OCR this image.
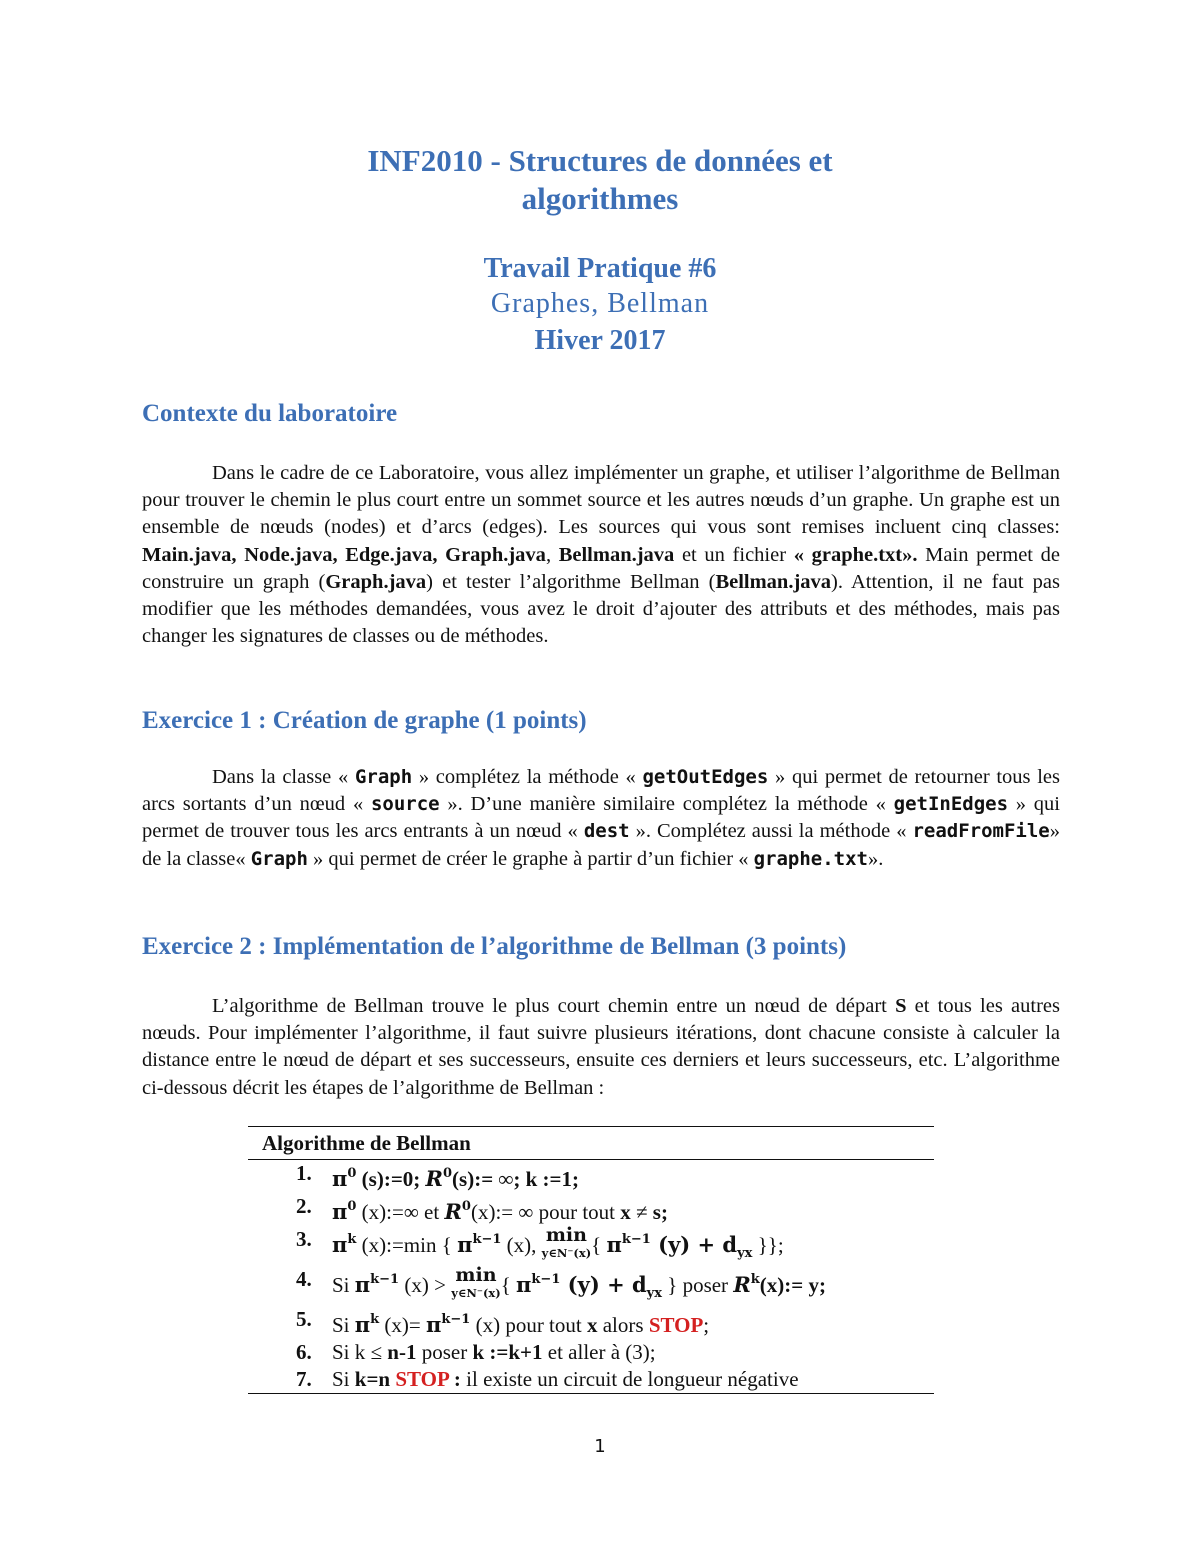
INF2010 - Structures de données et
algorithmes
Travail Pratique #6
Graphes, Bellman
Hiver 2017
Contexte du laboratoire

Dans le cadre de ce Laboratoire, vous allez implémenter un graphe, et utiliser l’algorithme de Bellman pour trouver le chemin le plus court entre un sommet source et les autres nœuds d’un graphe. Un graphe est un ensemble de nœuds (nodes) et d’arcs (edges). Les sources qui vous sont remises incluent cinq classes: Main.java, Node.java, Edge.java, Graph.java, Bellman.java et un fichier « graphe.txt». Main permet de construire un graph (Graph.java) et tester l’algorithme Bellman (Bellman.java). Attention, il ne faut pas modifier que les méthodes demandées, vous avez le droit d’ajouter des attributs et des méthodes, mais pas changer les signatures de classes ou de méthodes.

Exercice 1 : Création de graphe (1 points)

Dans la classe « Graph » complétez la méthode « getOutEdges » qui permet de retourner tous les arcs sortants d’un nœud « source ». D’une manière similaire complétez la méthode « getInEdges » qui permet de trouver tous les arcs entrants à un nœud « dest ». Complétez aussi la méthode « readFromFile» de la classe« Graph » qui permet de créer le graphe à partir d’un fichier « graphe.txt».

Exercice 2 : Implémentation de l’algorithme de Bellman (3 points)

L’algorithme de Bellman trouve le plus court chemin entre un nœud de départ S et tous les autres nœuds. Pour implémenter l’algorithme, il faut suivre plusieurs itérations, dont chacune consiste à calculer la distance entre le nœud de départ et ses successeurs, ensuite ces derniers et leurs successeurs, etc. L’algorithme ci-dessous décrit les étapes de l’algorithme de Bellman :

Algorithme de Bellman
1. $\pi^0$ (s):=0; $R^0(s):=$ ∞; k :=1;
2. $\pi^0$ (x):=∞ et $R^0(x):=$ ∞ pour tout x ≠ s;
3. $\pi^k$ (x):=min { $\pi^{k-1}$ (x), min
y∈N⁻(x) { $\pi^{k-1}$ $(y) + d_{yx}$ }};
4. Si $\pi^{k-1}$ (x) > min
y∈N⁻(x) { $\pi^{k-1}$ $(y) + d_{yx}$ } poser $R^k(x):= y$;
5. Si $\pi^k$ $(x)= \pi^{k-1}$ (x) pour tout x alors STOP;
6. Si k ≤ n-1 poser k :=k+1 et aller à (3);
7. Si k=n STOP : il existe un circuit de longueur négative
1
